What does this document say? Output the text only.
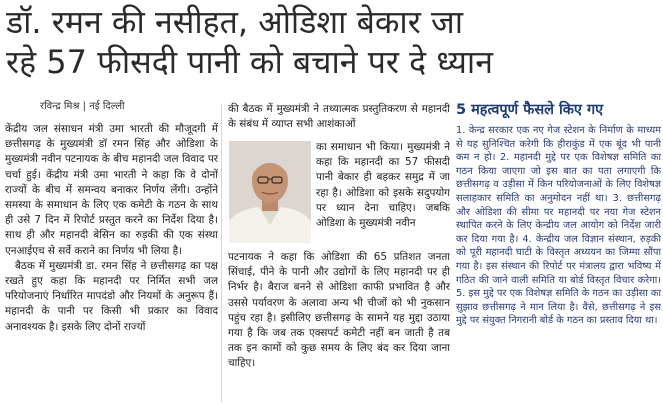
डॉ. रमन की नसीहत, ओडिशा बेकार जा
रहे 57 फीसदी पानी को बचाने पर दे ध्यान
रविन्द्र मिश्र | नई दिल्ली

केंद्रीय जल संसाधन मंत्री उमा भारती की मौजूदगी में छत्तीसगढ़ के मुख्यमंत्री डॉ रमन सिंह और ओडिशा के मुख्यमंत्री नवीन पटनायक के बीच महानदी जल विवाद पर चर्चा हुई। केंद्रीय मंत्री उमा भारती ने कहा कि वे दोनों राज्यों के बीच में समन्वय बनाकर निर्णय लेंगी। उन्होंने समस्या के समाधान के लिए एक कमेटी के गठन के साथ ही उसे 7 दिन में रिपोर्ट प्रस्तुत करने का निर्देश दिया है। साथ ही और महानदी बेसिन का रुड़की की एक संस्था एनआईएच से सर्वे कराने का निर्णय भी लिया है।

बैठक में मुख्यमंत्री डा. रमन सिंह ने छत्तीसगढ़ का पक्ष रखते हुए कहा कि महानदी पर निर्मित सभी जल परियोजनाएं निर्धारित मापदंडो और नियमों के अनुरूप हैं। महानदी के पानी पर किसी भी प्रकार का विवाद अनावश्यक है। इसके लिए दोनों राज्यों

की बैठक में मुख्यमंत्री ने तथ्यात्मक प्रस्तुतिकरण से महानदी के संबंध में व्याप्त सभी आशंकाओं
का समाधान भी किया। मुख्यमंत्री ने कहा कि महानदी का 57 फीसदी पानी बेकार ही बहकर समुद्र में जा रहा है। ओडिशा को इसके सदुपयोग पर ध्यान देना चाहिए। जबकि ओडिशा के मुख्यमंत्री नवीन
पटनायक ने कहा कि ओडिशा की 65 प्रतिशत जनता सिंचाई, पीने के पानी और उद्योगों के लिए महानदी पर ही निर्भर है। बैराज बनने से ओडिशा काफी प्रभावित है और उससे पर्यावरण के अलावा अन्य भी चीजों को भी नुकसान पहुंच रहा है। इसीलिए छत्तीसगढ़ के सामने यह मुद्दा उठाया गया है कि जब तक एक्सपर्ट कमेटी नहीं बन जाती है तब तक इन कामों को कुछ समय के लिए बंद कर दिया जाना चाहिए।
5 महत्वपूर्ण फैसले किए गए
1. केन्द्र सरकार एक नए गेज स्टेशन के निर्माण के माध्यम से यह सुनिश्चित करेगी कि हीराकुंड में एक बूंद भी पानी कम न हो। 2. महानदी मुद्दे पर एक विशेषज्ञ समिति का गठन किया जाएगा जो इस बात का पता लगाएगी कि छत्तीसगढ़ व उड़ीसा में किन परियोजनाओं के लिए विशेषज्ञ सलाहकार समिति का अनुमोदन नहीं था। 3. छत्तीसगढ़ और ओडिशा की सीमा पर महानदी पर नया गेज स्टेशन स्थापित करने के लिए केन्द्रीय जल आयोग को निर्देश जारी कर दिया गया है। 4. केन्द्रीय जल विज्ञान संस्थान, रुड़की को पूरी महानदी घाटी के विस्तृत अध्ययन का जिम्मा सौंपा गया है। इस संस्थान की रिपोर्ट पर मंत्रालय द्वारा भविष्य में गठित की जाने वाली समिति या बोर्ड विस्तृत विचार करेगा। 5. इस मुद्दे पर एक विशेषज्ञ समिति के गठन का उड़ीसा का सुझाव छत्तीसगढ़ ने मान लिया है। वैसे, छत्तीसगढ़ ने इस मुद्दे पर संयुक्त निगरानी बोर्ड के गठन का प्रस्ताव दिया था।
